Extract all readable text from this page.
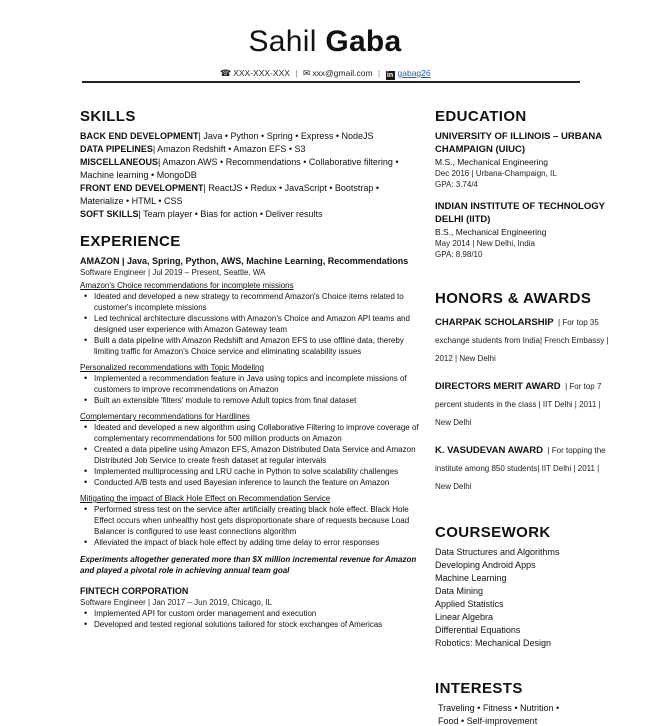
Sahil Gaba
☎ XXX-XXX-XXX | ✉ xxx@gmail.com | in gabag26
SKILLS
BACK END DEVELOPMENT| Java • Python • Spring • Express • NodeJS
DATA PIPELINES| Amazon Redshift • Amazon EFS • S3
MISCELLANEOUS| Amazon AWS • Recommendations • Collaborative filtering • Machine learning • MongoDB
FRONT END DEVELOPMENT| ReactJS • Redux • JavaScript • Bootstrap • Materialize • HTML • CSS
SOFT SKILLS| Team player • Bias for action • Deliver results
EXPERIENCE
AMAZON | Java, Spring, Python, AWS, Machine Learning, Recommendations
Software Engineer | Jul 2019 – Present, Seattle, WA
Amazon's Choice recommendations for incomplete missions
• Ideated and developed a new strategy to recommend Amazon's Choice items related to customer's incomplete missions
• Led technical architecture discussions with Amazon's Choice and Amazon API teams and designed user experience with Amazon Gateway team
• Built a data pipeline with Amazon Redshift and Amazon EFS to use offline data, thereby limiting traffic for Amazon's Choice service and eliminating scalability issues
Personalized recommendations with Topic Modeling
• Implemented a recommendation feature in Java using topics and incomplete missions of customers to improve recommendations on Amazon
• Built an extensible 'filters' module to remove Adult topics from final dataset
Complementary recommendations for Hardlines
• Ideated and developed a new algorithm using Collaborative Filtering to improve coverage of complementary recommendations for 500 million products on Amazon
• Created a data pipeline using Amazon EFS, Amazon Distributed Data Service and Amazon Distributed Job Service to create fresh dataset at regular intervals
• Implemented multiprocessing and LRU cache in Python to solve scalability challenges
• Conducted A/B tests and used Bayesian inference to launch the feature on Amazon
Mitigating the impact of Black Hole Effect on Recommendation Service
• Performed stress test on the service after artificially creating black hole effect. Black Hole Effect occurs when unhealthy host gets disproportionate share of requests because Load Balancer is configured to use least connections algorithm
• Alleviated the impact of black hole effect by adding time delay to error responses
Experiments altogether generated more than $X million incremental revenue for Amazon and played a pivotal role in achieving annual team goal
FINTECH CORPORATION
Software Engineer | Jan 2017 – Jun 2019, Chicago, IL
• Implemented API for custom order management and execution
• Developed and tested regional solutions tailored for stock exchanges of Americas
EDUCATION
UNIVERSITY OF ILLINOIS – URBANA CHAMPAIGN (UIUC)
M.S., Mechanical Engineering
Dec 2016 | Urbana-Champaign, IL
GPA: 3.74/4
INDIAN INSTITUTE OF TECHNOLOGY DELHI (IITD)
B.S., Mechanical Engineering
May 2014 | New Delhi, India
GPA: 8.98/10
HONORS & AWARDS
CHARPAK SCHOLARSHIP | For top 35 exchange students from India| French Embassy | 2012 | New Delhi
DIRECTORS MERIT AWARD | For top 7 percent students in the class | IIT Delhi | 2011 | New Delhi
K. VASUDEVAN AWARD | For topping the institute among 850 students| IIT Delhi | 2011 | New Delhi
COURSEWORK
Data Structures and Algorithms
Developing Android Apps
Machine Learning
Data Mining
Applied Statistics
Linear Algebra
Differential Equations
Robotics: Mechanical Design
INTERESTS
Traveling • Fitness • Nutrition •
Food • Self-improvement
